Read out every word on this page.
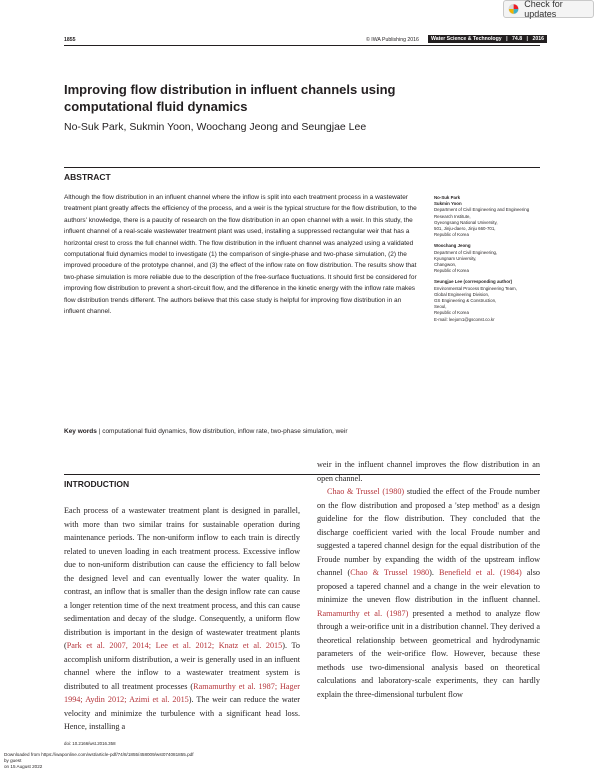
Check for updates
1855	© IWA Publishing 2016	Water Science & Technology | 74.8 | 2016
Improving flow distribution in influent channels using computational fluid dynamics
No-Suk Park, Sukmin Yoon, Woochang Jeong and Seungjae Lee
ABSTRACT
Although the flow distribution in an influent channel where the inflow is split into each treatment process in a wastewater treatment plant greatly affects the efficiency of the process, and a weir is the typical structure for the flow distribution, to the authors' knowledge, there is a paucity of research on the flow distribution in an open channel with a weir. In this study, the influent channel of a real-scale wastewater treatment plant was used, installing a suppressed rectangular weir that has a horizontal crest to cross the full channel width. The flow distribution in the influent channel was analyzed using a validated computational fluid dynamics model to investigate (1) the comparison of single-phase and two-phase simulation, (2) the improved procedure of the prototype channel, and (3) the effect of the inflow rate on flow distribution. The results show that two-phase simulation is more reliable due to the description of the free-surface fluctuations. It should first be considered for improving flow distribution to prevent a short-circuit flow, and the difference in the kinetic energy with the inflow rate makes flow distribution trends different. The authors believe that this case study is helpful for improving flow distribution in an influent channel.
Key words | computational fluid dynamics, flow distribution, inflow rate, two-phase simulation, weir
No-Suk Park
Sukmin Yoon
Department of Civil Engineering and Engineering
Research Institute,
Gyeongsang National University,
501, Jinju-daero, Jinju 660-701,
Republic of Korea
Woochang Jeong
Department of Civil Engineering,
Kyungnam University,
Changwon,
Republic of Korea
Seungjae Lee (corresponding author)
Environmental Process Engineering Team,
Global Engineering Division,
GS Engineering & Construction,
Seoul,
Republic of Korea
E-mail: leejom1@gsconst.co.kr
INTRODUCTION
Each process of a wastewater treatment plant is designed in parallel, with more than two similar trains for sustainable operation during maintenance periods. The non-uniform inflow to each train is directly related to uneven loading in each treatment process. Excessive inflow due to non-uniform distribution can cause the efficiency to fall below the designed level and can eventually lower the water quality. In contrast, an inflow that is smaller than the design inflow rate can cause a longer retention time of the next treatment process, and this can cause sedimentation and decay of the sludge. Consequently, a uniform flow distribution is important in the design of wastewater treatment plants (Park et al. 2007, 2014; Lee et al. 2012; Knatz et al. 2015). To accomplish uniform distribution, a weir is generally used in an influent channel where the inflow to a wastewater treatment system is distributed to all treatment processes (Ramamurthy et al. 1987; Hager 1994; Aydin 2012; Azimi et al. 2015). The weir can reduce the water velocity and minimize the turbulence with a significant head loss. Hence, installing a
weir in the influent channel improves the flow distribution in an open channel.
Chao & Trussel (1980) studied the effect of the Froude number on the flow distribution and proposed a 'step method' as a design guideline for the flow distribution. They concluded that the discharge coefficient varied with the local Froude number and suggested a tapered channel design for the equal distribution of the Froude number by expanding the width of the upstream inflow channel (Chao & Trussel 1980). Benefield et al. (1984) also proposed a tapered channel and a change in the weir elevation to minimize the uneven flow distribution in the influent channel. Ramamurthy et al. (1987) presented a method to analyze flow through a weir-orifice unit in a distribution channel. They derived a theoretical relationship between geometrical and hydrodynamic parameters of the weir-orifice flow. However, because these methods use two-dimensional analysis based on theoretical calculations and laboratory-scale experiments, they can hardly explain the three-dimensional turbulent flow
doi: 10.2166/wst.2016.358
Downloaded from https://iwaponline.com/wst/article-pdf/74/8/1855/458009/wst074081855.pdf
by guest
on 15 August 2022
